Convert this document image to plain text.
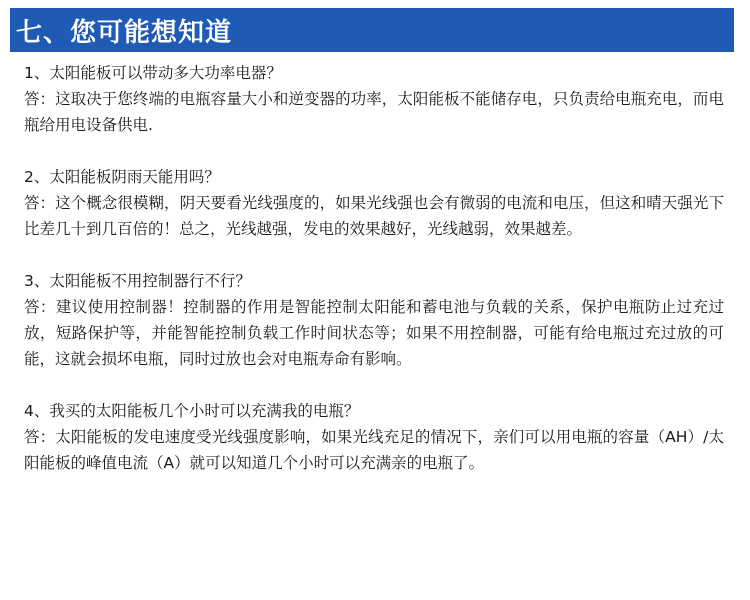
七、您可能想知道
1、太阳能板可以带动多大功率电器？
答：这取决于您终端的电瓶容量大小和逆变器的功率，太阳能板不能储存电，只负责给电瓶充电，而电瓶给用电设备供电.
2、太阳能板阴雨天能用吗？
答：这个概念很模糊，阴天要看光线强度的，如果光线强也会有微弱的电流和电压，但这和晴天强光下比差几十到几百倍的！总之，光线越强，发电的效果越好，光线越弱，效果越差。
3、太阳能板不用控制器行不行？
答：建议使用控制器！控制器的作用是智能控制太阳能和蓄电池与负载的关系，保护电瓶防止过充过放，短路保护等，并能智能控制负载工作时间状态等；如果不用控制器，可能有给电瓶过充过放的可能，这就会损坏电瓶，同时过放也会对电瓶寿命有影响。
4、我买的太阳能板几个小时可以充满我的电瓶？
答：太阳能板的发电速度受光线强度影响，如果光线充足的情况下，亲们可以用电瓶的容量（AH）/太阳能板的峰值电流（A）就可以知道几个小时可以充满亲的电瓶了。
